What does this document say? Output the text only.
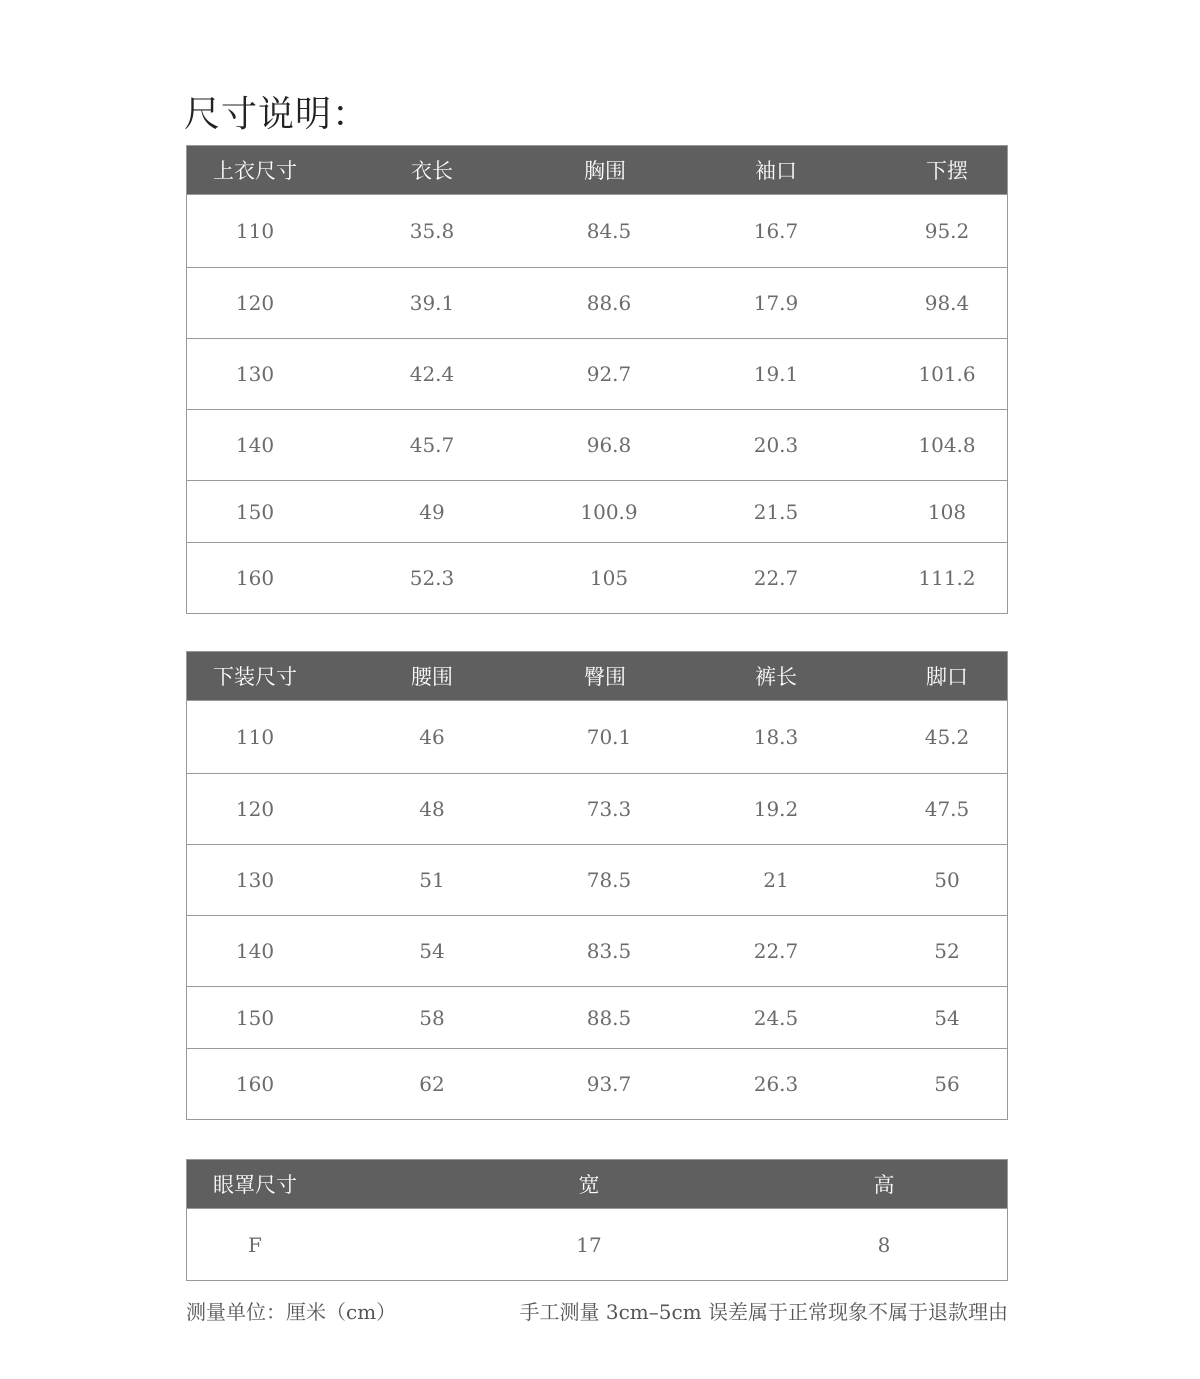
尺寸说明：
上衣尺寸	衣长	胸围	袖口	下摆
110	35.8	84.5	16.7	95.2
120	39.1	88.6	17.9	98.4
130	42.4	92.7	19.1	101.6
140	45.7	96.8	20.3	104.8
150	49	100.9	21.5	108
160	52.3	105	22.7	111.2
下装尺寸	腰围	臀围	裤长	脚口
110	46	70.1	18.3	45.2
120	48	73.3	19.2	47.5
130	51	78.5	21	50
140	54	83.5	22.7	52
150	58	88.5	24.5	54
160	62	93.7	26.3	56
眼罩尺寸	宽	高
F	17	8
测量单位：厘米（cm）	手工测量 3cm–5cm 误差属于正常现象不属于退款理由
